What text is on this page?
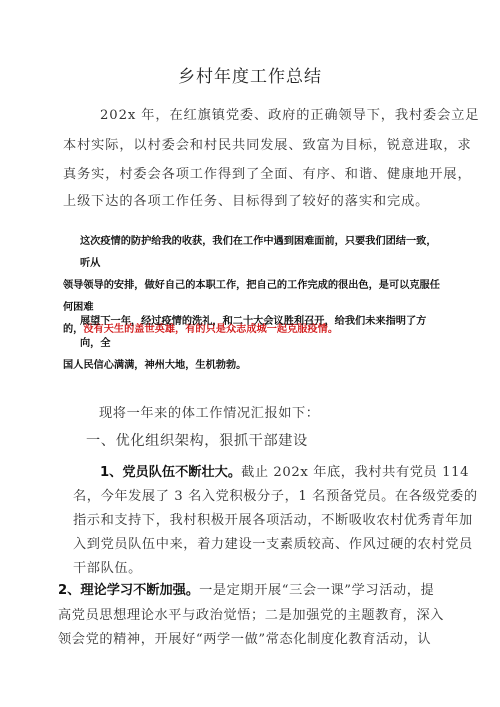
乡村年度工作总结
202x 年，在红旗镇党委、政府的正确领导下，我村委会立足
本村实际，以村委会和村民共同发展、致富为目标，锐意进取，求
真务实，村委会各项工作得到了全面、有序、和谐、健康地开展，
上级下达的各项工作任务、目标得到了较好的落实和完成。
这次疫情的防护给我的收获，我们在工作中遇到困难面前，只要我们团结一致，听从
领导领导的安排，做好自己的本职工作，把自己的工作完成的很出色，是可以克服任何困难
的，没有天生的盖世英雄，有的只是众志成城一起克服疫情。
展望下一年，经过疫情的洗礼，和二十大会议胜利召开，给我们未来指明了方向，全
国人民信心满满，神州大地，生机勃勃。
现将一年来的体工作情况汇报如下：
一、优化组织架构，狠抓干部建设
1、党员队伍不断壮大。截止 202x 年底，我村共有党员 114
名，今年发展了 3 名入党积极分子，1 名预备党员。在各级党委的
指示和支持下，我村积极开展各项活动，不断吸收农村优秀青年加
入到党员队伍中来，着力建设一支素质较高、作风过硬的农村党员
干部队伍。
2、理论学习不断加强。一是定期开展“三会一课”学习活动，提
高党员思想理论水平与政治觉悟；二是加强党的主题教育，深入
领会党的精神，开展好“两学一做”常态化制度化教育活动，认
